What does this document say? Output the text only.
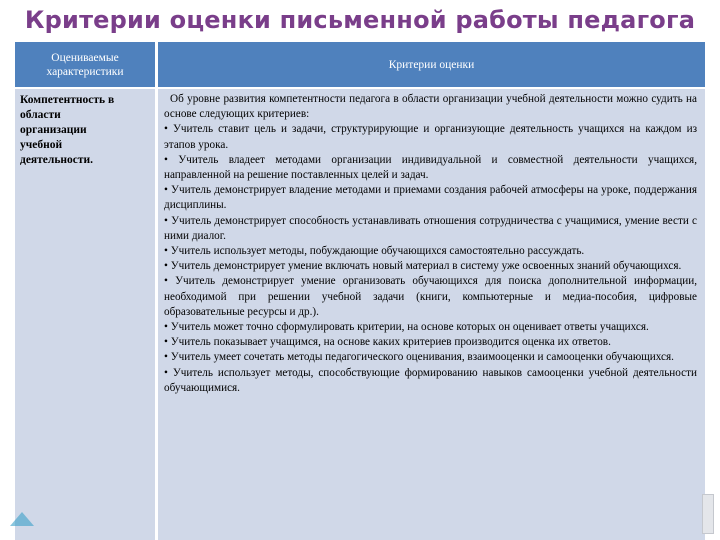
Критерии оценки письменной работы педагога
Оцениваемые
характеристики
Критерии оценки
Компетентность в
области
организации
учебной
деятельности.

Об уровне развития компетентности педагога в области организации учебной деятельности можно судить на основе следующих критериев:

• Учитель ставит цель и задачи, структурирующие и организующие деятельность учащихся на каждом из этапов урока.

• Учитель владеет методами организации индивидуальной и совместной деятельности учащихся, направленной на решение поставленных целей и задач.

• Учитель демонстрирует владение методами и приемами создания рабочей атмосферы на уроке, поддержания дисциплины.

• Учитель демонстрирует способность устанавливать отношения сотрудничества с учащимися, умение вести с ними диалог.

• Учитель использует методы, побуждающие обучающихся самостоятельно рассуждать.

• Учитель демонстрирует умение включать новый материал в систему уже освоенных знаний обучающихся.

• Учитель демонстрирует умение организовать обучающихся для поиска дополнительной информации, необходимой при решении учебной задачи (книги, компьютерные и медиа-пособия, цифровые образовательные ресурсы и др.).

• Учитель может точно сформулировать критерии, на основе которых он оценивает ответы учащихся.

• Учитель показывает учащимся, на основе каких критериев производится оценка их ответов.

• Учитель умеет сочетать методы педагогического оценивания, взаимооценки и самооценки обучающихся.

• Учитель использует методы, способствующие формированию навыков самооценки учебной деятельности обучающимися.
